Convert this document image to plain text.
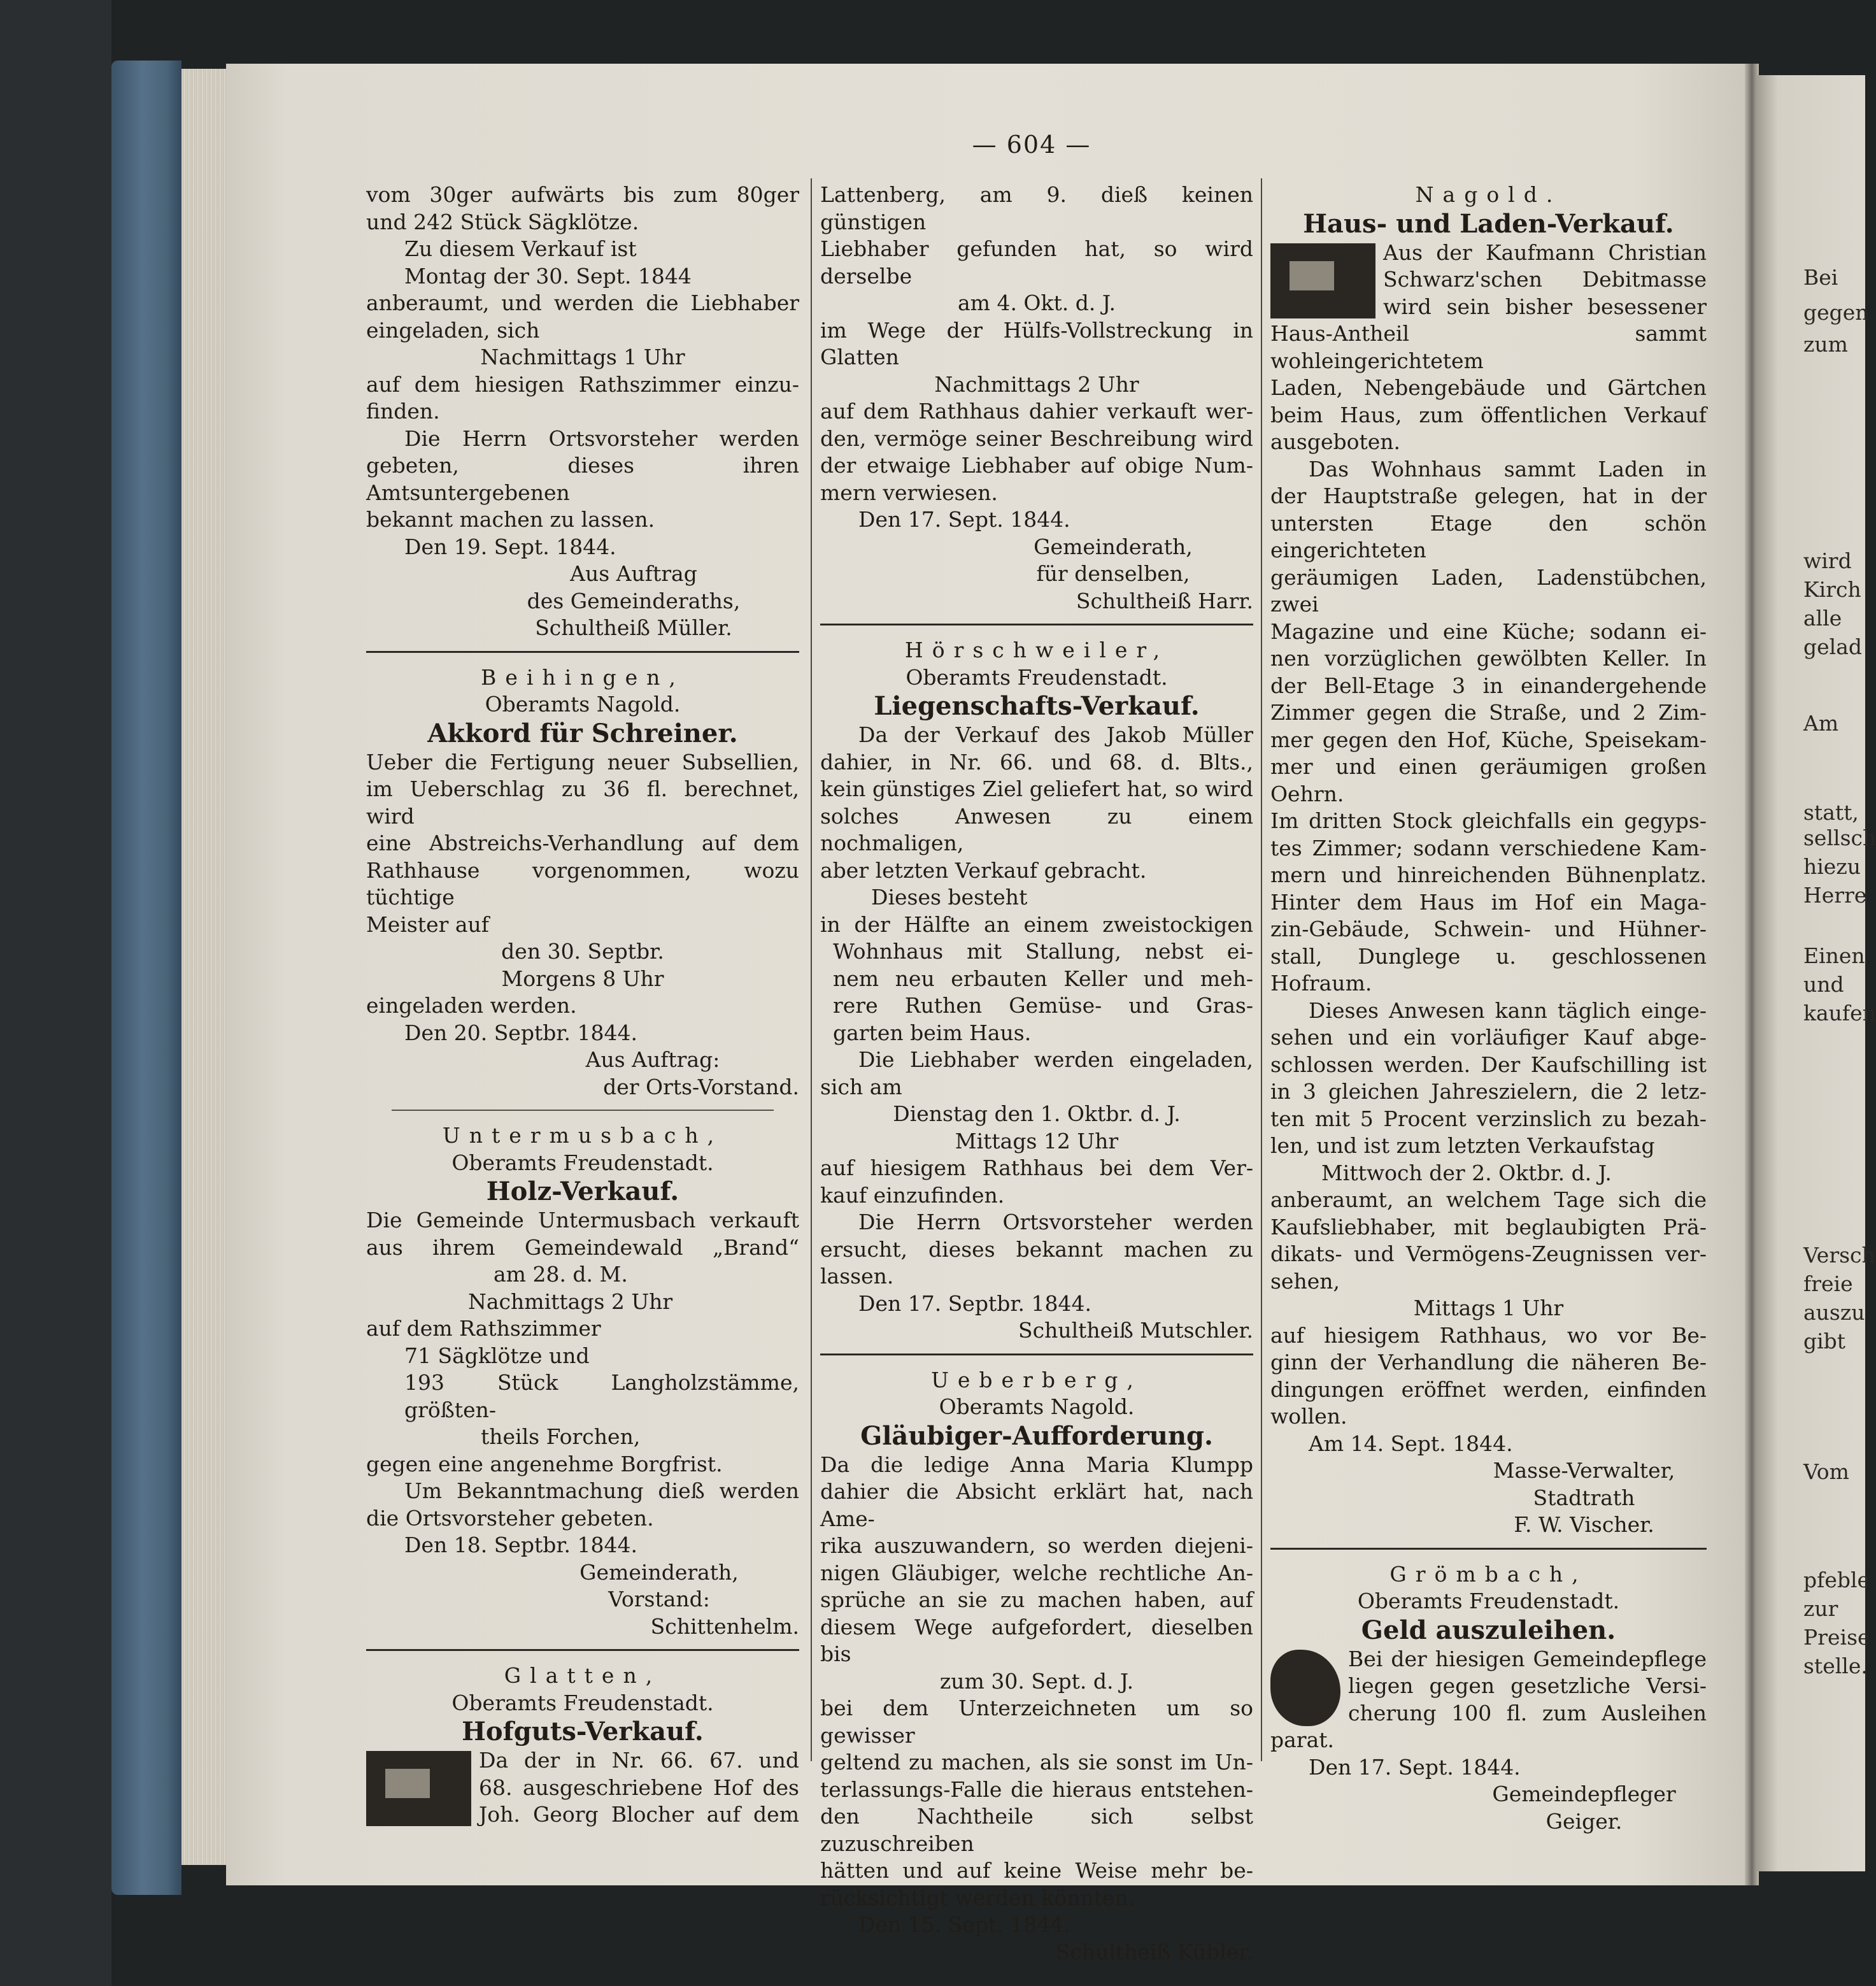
— 604 —

vom 30ger aufwärts bis zum 80ger

und 242 Stück Sägklötze.

Zu diesem Verkauf ist

Montag der 30. Sept. 1844

anberaumt, und werden die Liebhaber

eingeladen, sich

Nachmittags 1 Uhr

auf dem hiesigen Rathszimmer einzu-

finden.

Die Herrn Ortsvorsteher werden

gebeten, dieses ihren Amtsuntergebenen

bekannt machen zu lassen.

Den 19. Sept. 1844.

Aus Auftrag

des Gemeinderaths,

Schultheiß Müller.

Beihingen,

Oberamts Nagold.

Akkord für Schreiner.

Ueber die Fertigung neuer Subsellien,

im Ueberschlag zu 36 fl. berechnet, wird

eine Abstreichs-Verhandlung auf dem

Rathhause vorgenommen, wozu tüchtige

Meister auf

den 30. Septbr.

Morgens 8 Uhr

eingeladen werden.

Den 20. Septbr. 1844.

Aus Auftrag:

der Orts-Vorstand.

Untermusbach,

Oberamts Freudenstadt.

Holz-Verkauf.

Die Gemeinde Untermusbach verkauft

aus ihrem Gemeindewald „Brand“

am 28. d. M.

Nachmittags 2 Uhr

auf dem Rathszimmer

71 Sägklötze und

193 Stück Langholzstämme, größten-

theils Forchen,

gegen eine angenehme Borgfrist.

Um Bekanntmachung dieß werden

die Ortsvorsteher gebeten.

Den 18. Septbr. 1844.

Gemeinderath,

Vorstand:

Schittenhelm.

Glatten,

Oberamts Freudenstadt.

Hofguts-Verkauf.

Da der in Nr. 66. 67. und

68. ausgeschriebene Hof des

Joh. Georg Blocher auf dem

Lattenberg, am 9. dieß keinen günstigen

Liebhaber gefunden hat, so wird derselbe

am 4. Okt. d. J.

im Wege der Hülfs-Vollstreckung in

Glatten

Nachmittags 2 Uhr

auf dem Rathhaus dahier verkauft wer-

den, vermöge seiner Beschreibung wird

der etwaige Liebhaber auf obige Num-

mern verwiesen.

Den 17. Sept. 1844.

Gemeinderath,

für denselben,

Schultheiß Harr.

Hörschweiler,

Oberamts Freudenstadt.

Liegenschafts-Verkauf.

Da der Verkauf des Jakob Müller

dahier, in Nr. 66. und 68. d. Blts.,

kein günstiges Ziel geliefert hat, so wird

solches Anwesen zu einem nochmaligen,

aber letzten Verkauf gebracht.

Dieses besteht

in der Hälfte an einem zweistockigen

Wohnhaus mit Stallung, nebst ei-

nem neu erbauten Keller und meh-

rere Ruthen Gemüse- und Gras-

garten beim Haus.

Die Liebhaber werden eingeladen,

sich am

Dienstag den 1. Oktbr. d. J.

Mittags 12 Uhr

auf hiesigem Rathhaus bei dem Ver-

kauf einzufinden.

Die Herrn Ortsvorsteher werden

ersucht, dieses bekannt machen zu lassen.

Den 17. Septbr. 1844.

Schultheiß Mutschler.

Ueberberg,

Oberamts Nagold.

Gläubiger-Aufforderung.

Da die ledige Anna Maria Klumpp

dahier die Absicht erklärt hat, nach Ame-

rika auszuwandern, so werden diejeni-

nigen Gläubiger, welche rechtliche An-

sprüche an sie zu machen haben, auf

diesem Wege aufgefordert, dieselben bis

zum 30. Sept. d. J.

bei dem Unterzeichneten um so gewisser

geltend zu machen, als sie sonst im Un-

terlassungs-Falle die hieraus entstehen-

den Nachtheile sich selbst zuzuschreiben

hätten und auf keine Weise mehr be-

rücksichtigt werden könnten.

Den 15. Sept. 1844.

Schultheiß Kübler.

Nagold.

Haus- und Laden-Verkauf.

Aus der Kaufmann Christian

Schwarz'schen Debitmasse

wird sein bisher besessener

Haus-Antheil sammt wohleingerichtetem

Laden, Nebengebäude und Gärtchen

beim Haus, zum öffentlichen Verkauf

ausgeboten.

Das Wohnhaus sammt Laden in

der Hauptstraße gelegen, hat in der

untersten Etage den schön eingerichteten

geräumigen Laden, Ladenstübchen, zwei

Magazine und eine Küche; sodann ei-

nen vorzüglichen gewölbten Keller. In

der Bell-Etage 3 in einandergehende

Zimmer gegen die Straße, und 2 Zim-

mer gegen den Hof, Küche, Speisekam-

mer und einen geräumigen großen Oehrn.

Im dritten Stock gleichfalls ein gegyps-

tes Zimmer; sodann verschiedene Kam-

mern und hinreichenden Bühnenplatz.

Hinter dem Haus im Hof ein Maga-

zin-Gebäude, Schwein- und Hühner-

stall, Dunglege u. geschlossenen Hofraum.

Dieses Anwesen kann täglich einge-

sehen und ein vorläufiger Kauf abge-

schlossen werden. Der Kaufschilling ist

in 3 gleichen Jahreszielern, die 2 letz-

ten mit 5 Procent verzinslich zu bezah-

len, und ist zum letzten Verkaufstag

Mittwoch der 2. Oktbr. d. J.

anberaumt, an welchem Tage sich die

Kaufsliebhaber, mit beglaubigten Prä-

dikats- und Vermögens-Zeugnissen ver-

sehen,

Mittags 1 Uhr

auf hiesigem Rathhaus, wo vor Be-

ginn der Verhandlung die näheren Be-

dingungen eröffnet werden, einfinden

wollen.

Am 14. Sept. 1844.

Masse-Verwalter,

Stadtrath

F. W. Vischer.

Grömbach,

Oberamts Freudenstadt.

Geld auszuleihen.

Bei der hiesigen Gemeindepflege

liegen gegen gesetzliche Versi-

cherung 100 fl. zum Ausleihen

parat.

Den 17. Sept. 1844.

Gemeindepfleger

Geiger.

Bei
gegen
zum
wird
Kirch
alle
gelad
Am
statt,
sellsch
hiezu
Herre
Einen
und
kaufen
Versch
freie
auszu
gibt
Vom
pfeble
zur
Preise
stelle.
